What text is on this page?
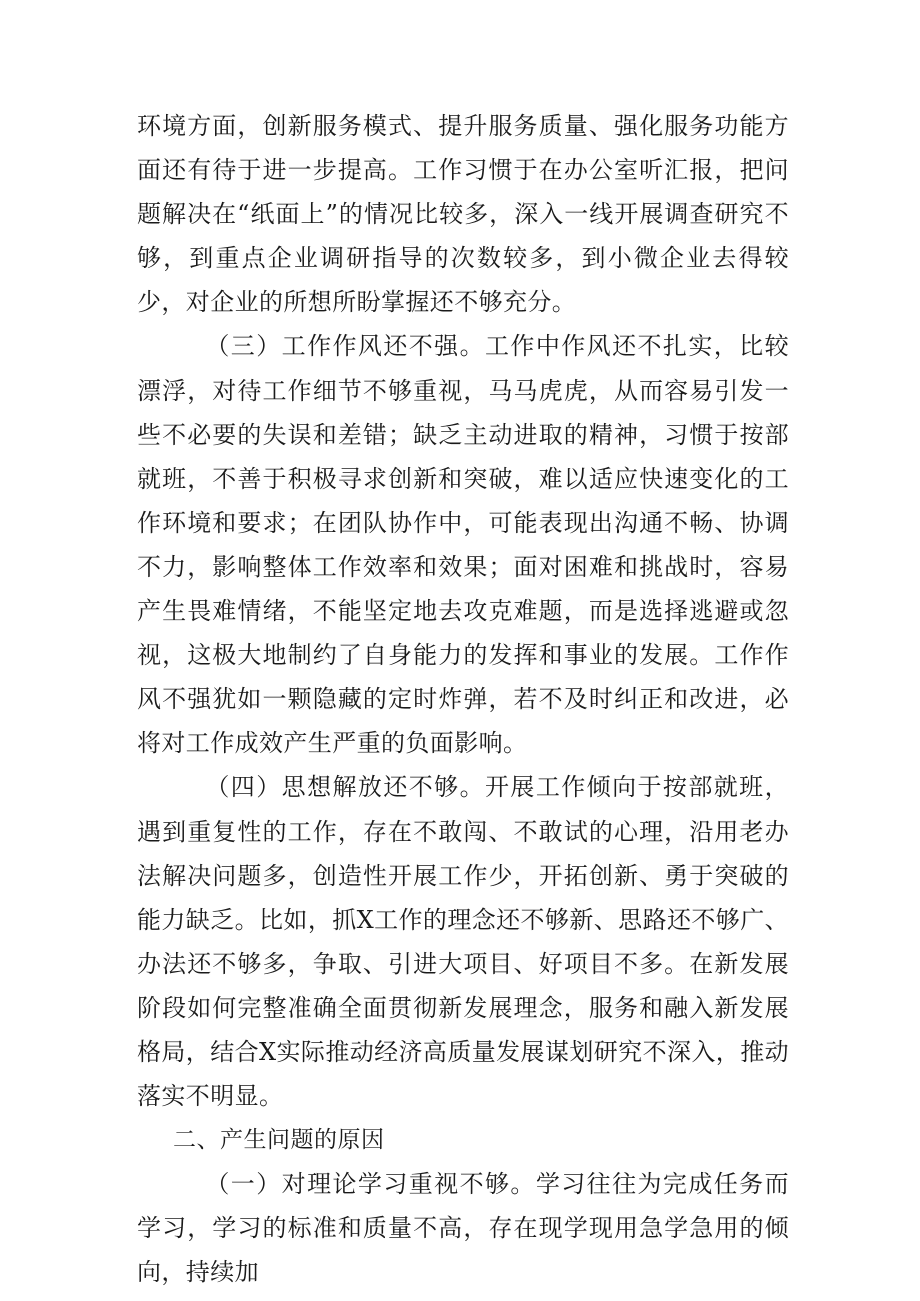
环境方面，创新服务模式、提升服务质量、强化服务功能方面还有待于进一步提高。工作习惯于在办公室听汇报，把问题解决在“纸面上”的情况比较多，深入一线开展调查研究不够，到重点企业调研指导的次数较多，到小微企业去得较少，对企业的所想所盼掌握还不够充分。

（三）工作作风还不强。工作中作风还不扎实，比较漂浮，对待工作细节不够重视，马马虎虎，从而容易引发一些不必要的失误和差错；缺乏主动进取的精神，习惯于按部就班，不善于积极寻求创新和突破，难以适应快速变化的工作环境和要求；在团队协作中，可能表现出沟通不畅、协调不力，影响整体工作效率和效果；面对困难和挑战时，容易产生畏难情绪，不能坚定地去攻克难题，而是选择逃避或忽视，这极大地制约了自身能力的发挥和事业的发展。工作作风不强犹如一颗隐藏的定时炸弹，若不及时纠正和改进，必将对工作成效产生严重的负面影响。

（四）思想解放还不够。开展工作倾向于按部就班，遇到重复性的工作，存在不敢闯、不敢试的心理，沿用老办法解决问题多，创造性开展工作少，开拓创新、勇于突破的能力缺乏。比如，抓X工作的理念还不够新、思路还不够广、办法还不够多，争取、引进大项目、好项目不多。在新发展阶段如何完整准确全面贯彻新发展理念，服务和融入新发展格局，结合X实际推动经济高质量发展谋划研究不深入，推动落实不明显。

二、产生问题的原因

（一）对理论学习重视不够。学习往往为完成任务而学习，学习的标准和质量不高，存在现学现用急学急用的倾向，持续加
